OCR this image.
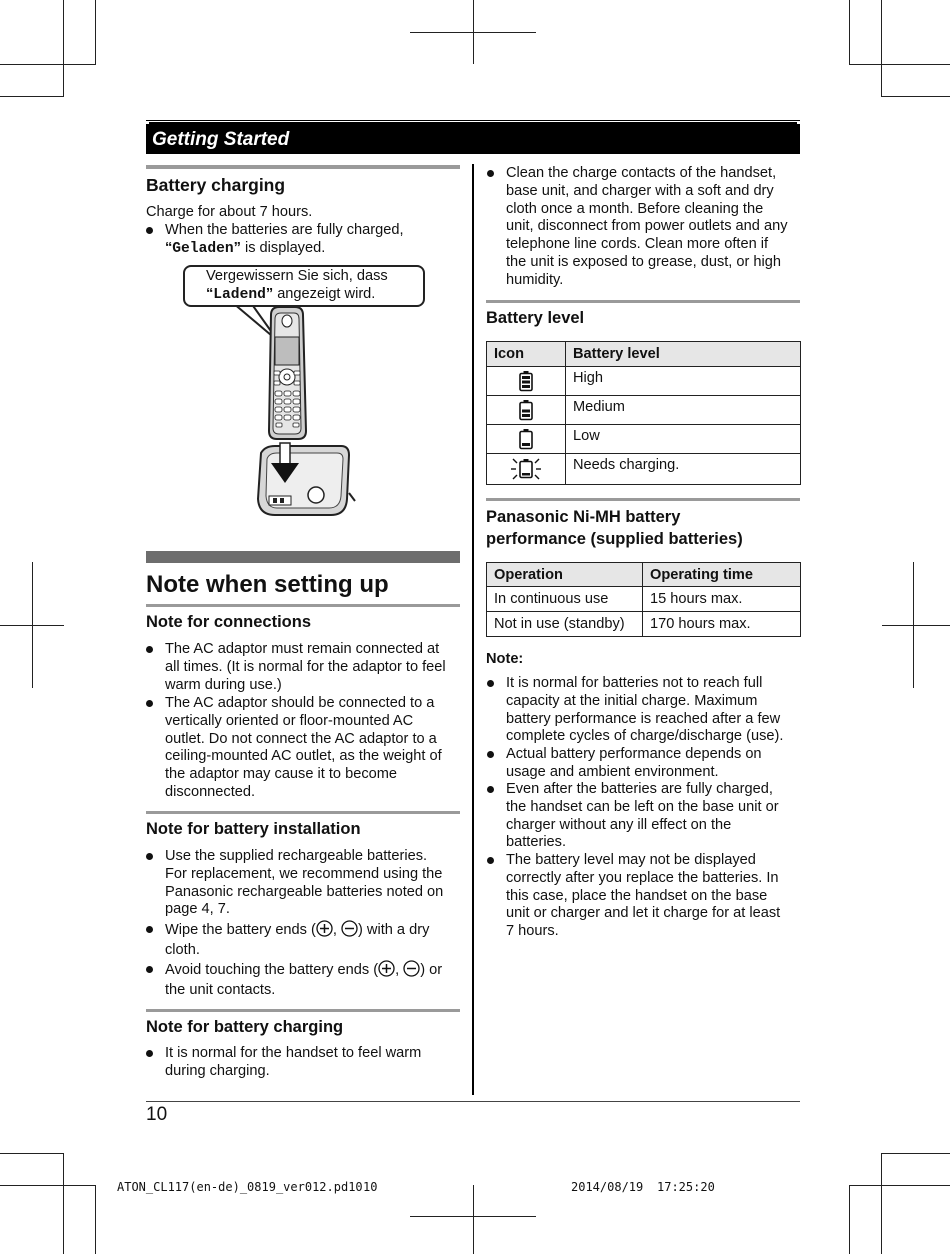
Getting Started
Battery charging
Charge for about 7 hours.
When the batteries are fully charged,
“Geladen” is displayed.
Vergewissern Sie sich, dass
“Ladend” angezeigt wird.
Note when setting up
Note for connections
The AC adaptor must remain connected at
all times. (It is normal for the adaptor to feel
warm during use.)
The AC adaptor should be connected to a
vertically oriented or floor-mounted AC
outlet. Do not connect the AC adaptor to a
ceiling-mounted AC outlet, as the weight of
the adaptor may cause it to become
disconnected.
Note for battery installation
Use the supplied rechargeable batteries.
For replacement, we recommend using the
Panasonic rechargeable batteries noted on
page 4, 7.
Wipe the battery ends ( , ) with a dry
cloth.
Avoid touching the battery ends ( , ) or
the unit contacts.
Note for battery charging
It is normal for the handset to feel warm
during charging.
Clean the charge contacts of the handset,
base unit, and charger with a soft and dry
cloth once a month. Before cleaning the
unit, disconnect from power outlets and any
telephone line cords. Clean more often if
the unit is exposed to grease, dust, or high
humidity.
Battery level
Icon	Battery level
	High
	Medium
	Low
	Needs charging.
Panasonic Ni-MH battery
performance (supplied batteries)
Operation	Operating time
In continuous use	15 hours max.
Not in use (standby)	170 hours max.
Note:
It is normal for batteries not to reach full
capacity at the initial charge. Maximum
battery performance is reached after a few
complete cycles of charge/discharge (use).
Actual battery performance depends on
usage and ambient environment.
Even after the batteries are fully charged,
the handset can be left on the base unit or
charger without any ill effect on the
batteries.
The battery level may not be displayed
correctly after you replace the batteries. In
this case, place the handset on the base
unit or charger and let it charge for at least
7 hours.
10
ATON_CL117(en-de)_0819_ver012.pd10 10	2014/08/19 17:25:20
